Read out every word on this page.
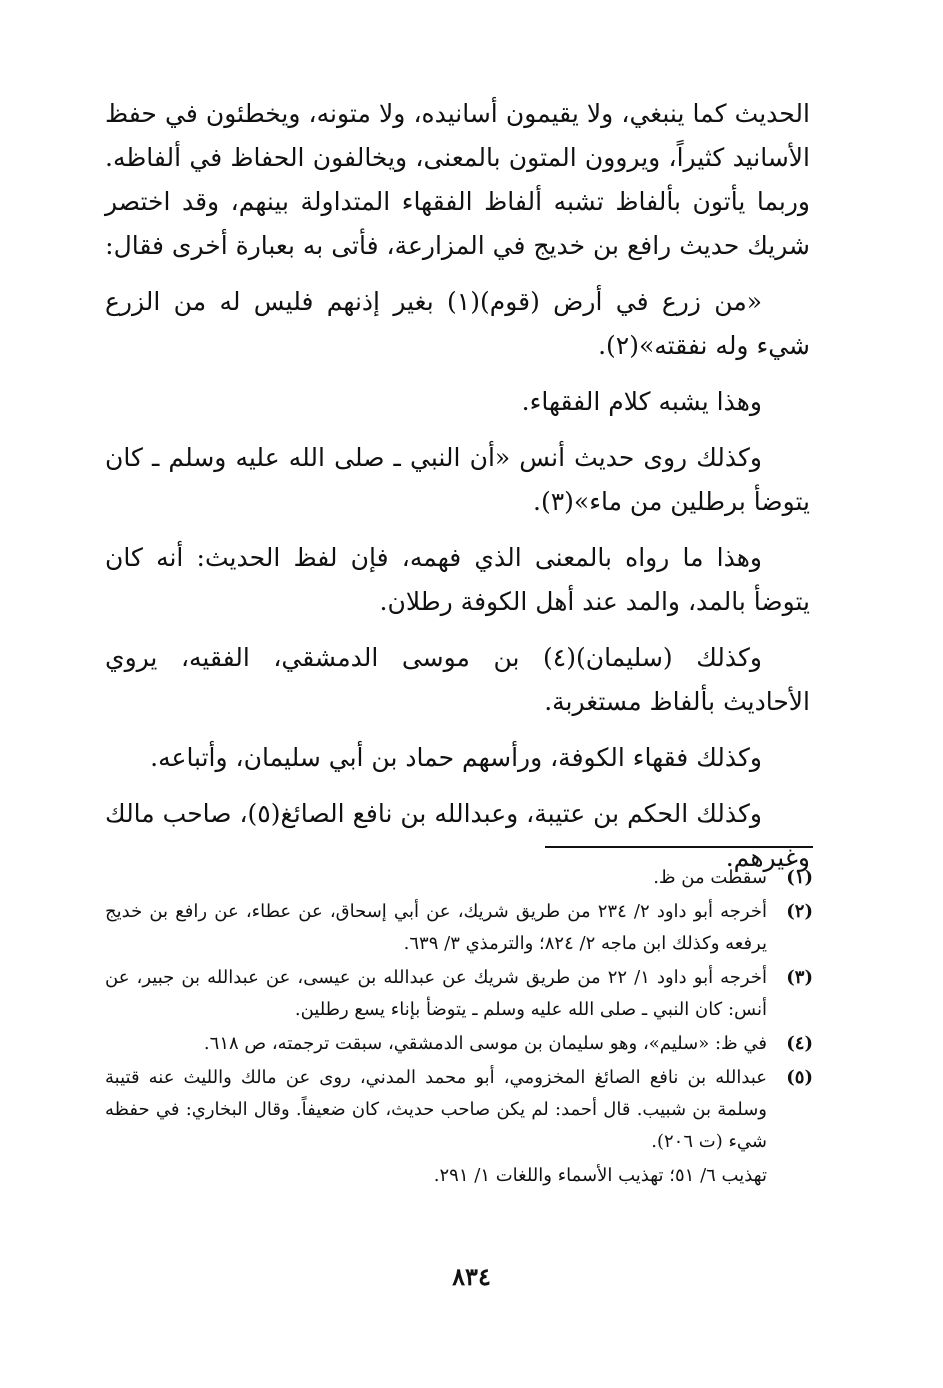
الحديث كما ينبغي، ولا يقيمون أسانيده، ولا متونه، ويخطئون في حفظ الأسانيد كثيراً، ويروون المتون بالمعنى، ويخالفون الحفاظ في ألفاظه. وربما يأتون بألفاظ تشبه ألفاظ الفقهاء المتداولة بينهم، وقد اختصر شريك حديث رافع بن خديج في المزارعة، فأتى به بعبارة أخرى فقال:

«من زرع في أرض (قوم)(١) بغير إذنهم فليس له من الزرع شيء وله نفقته»(٢).

وهذا يشبه كلام الفقهاء.

وكذلك روى حديث أنس «أن النبي ـ صلى الله عليه وسلم ـ كان يتوضأ برطلين من ماء»(٣).

وهذا ما رواه بالمعنى الذي فهمه، فإن لفظ الحديث: أنه كان يتوضأ بالمد، والمد عند أهل الكوفة رطلان.

وكذلك (سليمان)(٤) بن موسى الدمشقي، الفقيه، يروي الأحاديث بألفاظ مستغربة.

وكذلك فقهاء الكوفة، ورأسهم حماد بن أبي سليمان، وأتباعه.

وكذلك الحكم بن عتيبة، وعبدالله بن نافع الصائغ(٥)، صاحب مالك وغيرهم.

(١)
سقطت من ظ.
(٢)
أخرجه أبو داود ٢/ ٢٣٤ من طريق شريك، عن أبي إسحاق، عن عطاء، عن رافع بن خديج يرفعه وكذلك ابن ماجه ٢/ ٨٢٤؛ والترمذي ٣/ ٦٣٩.
(٣)
أخرجه أبو داود ١/ ٢٢ من طريق شريك عن عبدالله بن عيسى، عن عبدالله بن جبير، عن أنس: كان النبي ـ صلى الله عليه وسلم ـ يتوضأ بإناء يسع رطلين.
(٤)
في ظ: «سليم»، وهو سليمان بن موسى الدمشقي، سبقت ترجمته، ص ٦١٨.
(٥)
عبدالله بن نافع الصائغ المخزومي، أبو محمد المدني، روى عن مالك والليث عنه قتيبة وسلمة بن شبيب. قال أحمد: لم يكن صاحب حديث، كان ضعيفاً. وقال البخاري: في حفظه شيء (ت ٢٠٦).
تهذيب ٦/ ٥١؛ تهذيب الأسماء واللغات ١/ ٢٩١.
٨٣٤
